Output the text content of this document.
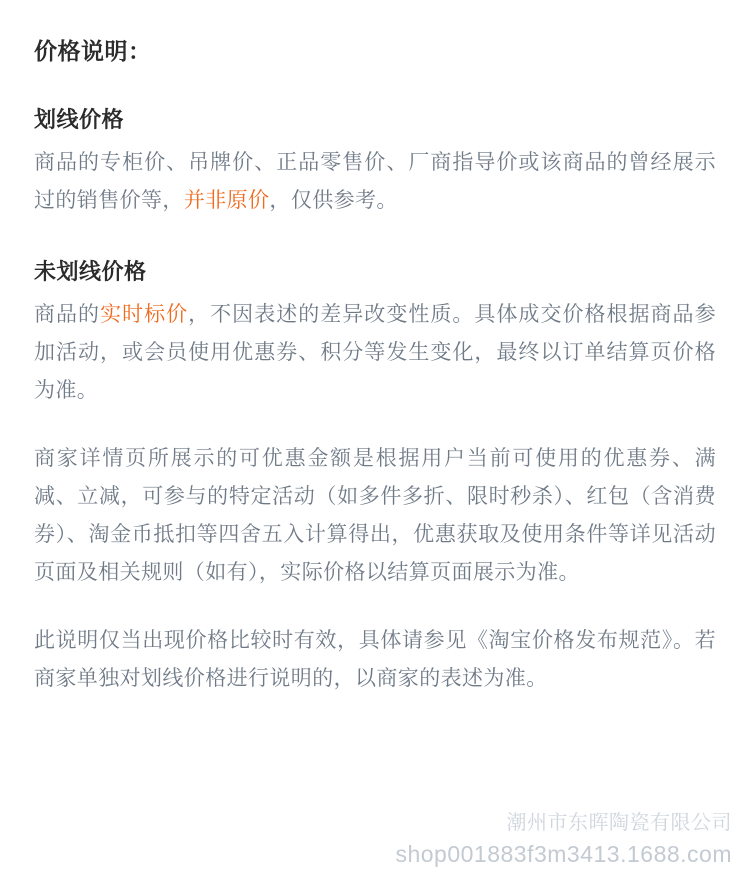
价格说明：
划线价格

商品的专柜价、吊牌价、正品零售价、厂商指导价或该商品的曾经展示过的销售价等，并非原价，仅供参考。

未划线价格

商品的实时标价，不因表述的差异改变性质。具体成交价格根据商品参加活动，或会员使用优惠券、积分等发生变化，最终以订单结算页价格为准。

商家详情页所展示的可优惠金额是根据用户当前可使用的优惠券、满减、立减，可参与的特定活动（如多件多折、限时秒杀）、红包（含消费券）、淘金币抵扣等四舍五入计算得出，优惠获取及使用条件等详见活动页面及相关规则（如有），实际价格以结算页面展示为准。

此说明仅当出现价格比较时有效，具体请参见《淘宝价格发布规范》。若商家单独对划线价格进行说明的，以商家的表述为准。

潮州市东晖陶瓷有限公司
shop001883f3m3413.1688.com
